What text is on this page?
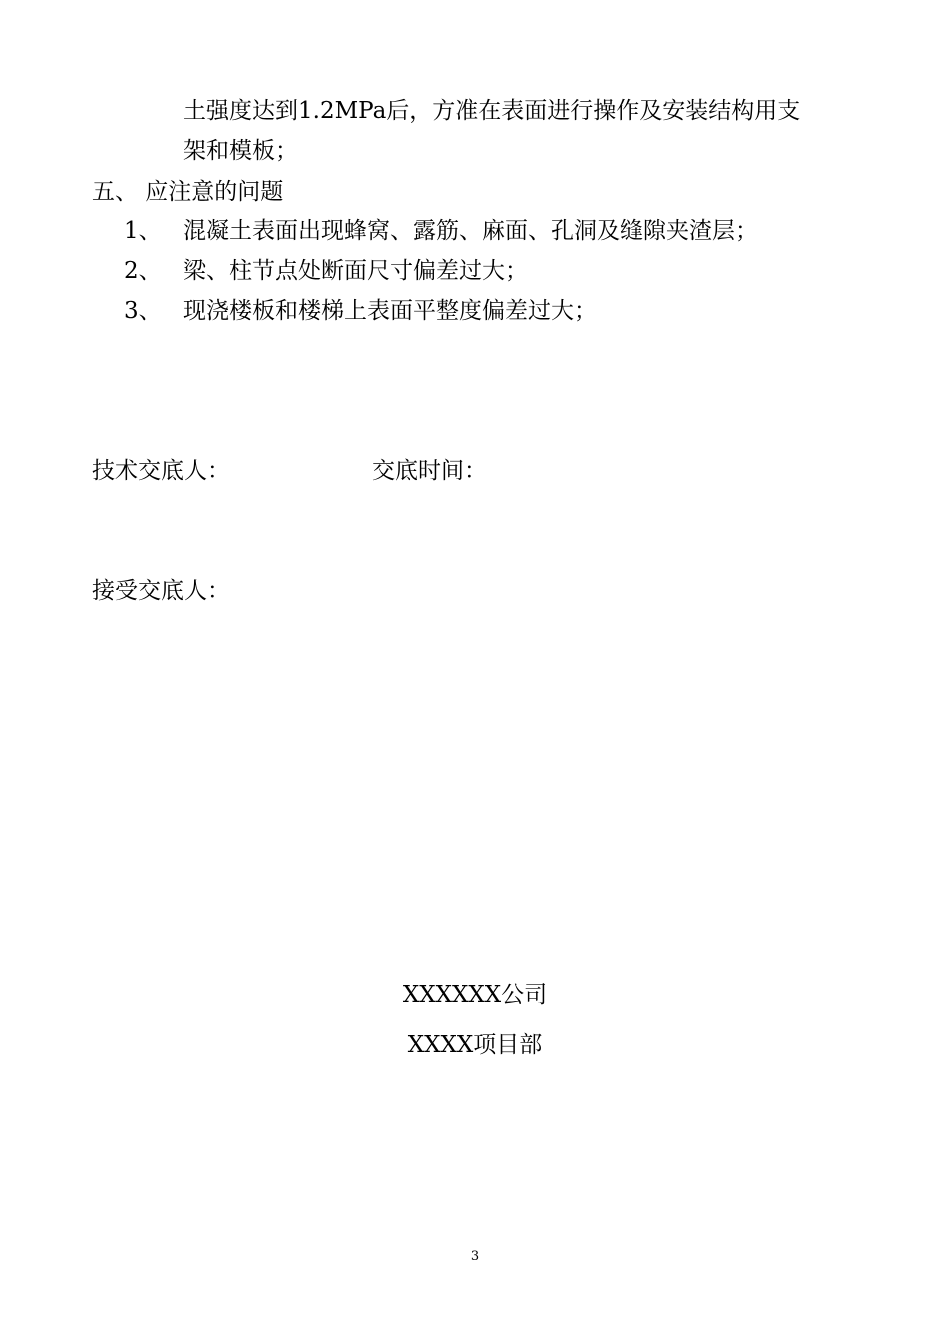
土强度达到1.2MPa后，方准在表面进行操作及安装结构用支
架和模板；
五、 应注意的问题
1、 混凝土表面出现蜂窝、露筋、麻面、孔洞及缝隙夹渣层；
2、 梁、柱节点处断面尺寸偏差过大；
3、 现浇楼板和楼梯上表面平整度偏差过大；
技术交底人：	交底时间：
接受交底人：
XXXXXX公司
XXXX项目部
3
